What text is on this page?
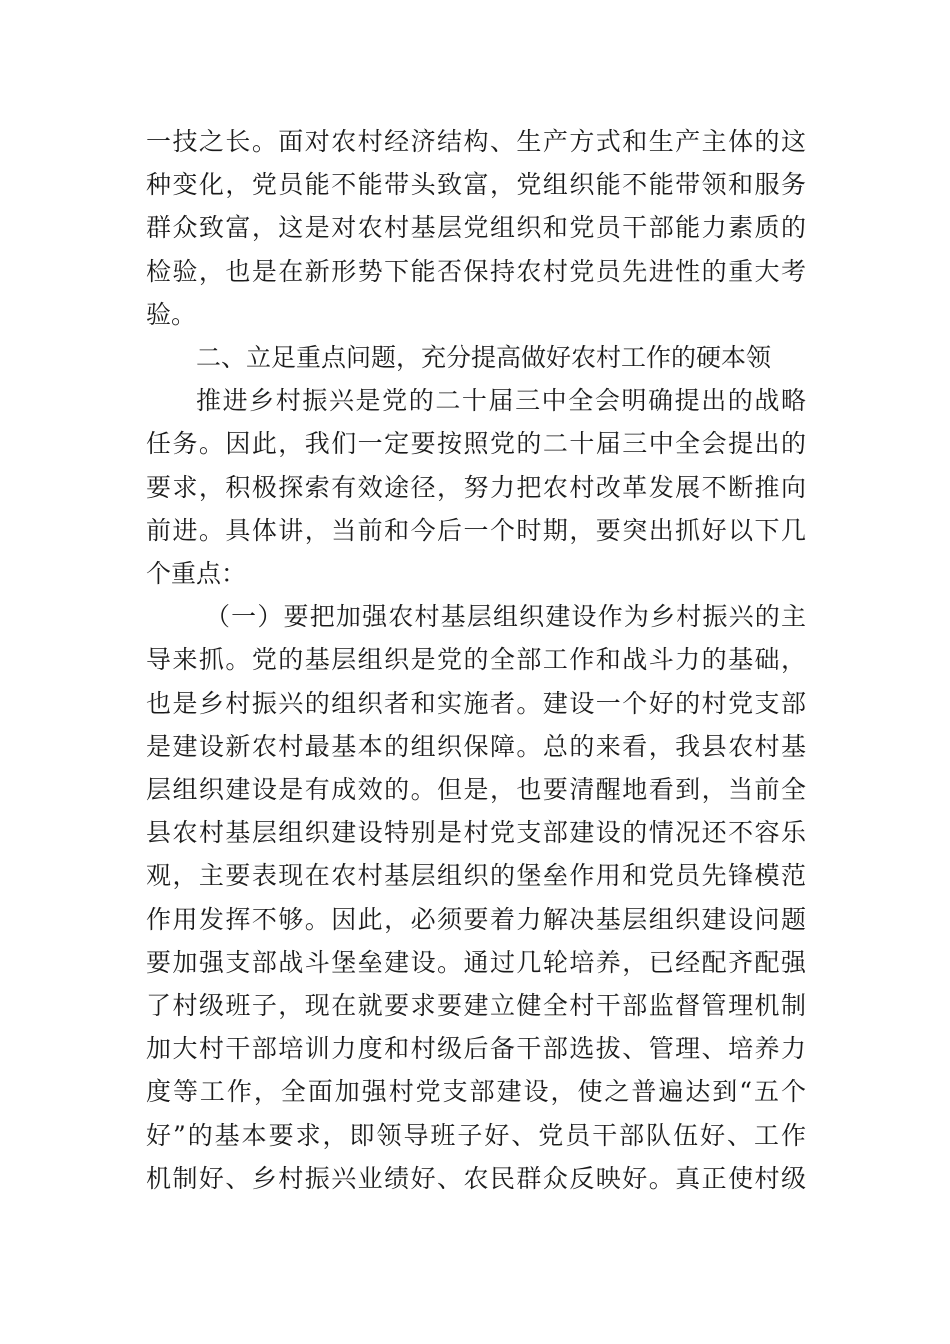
一技之长。面对农村经济结构、生产方式和生产主体的这
种变化，党员能不能带头致富，党组织能不能带领和服务
群众致富，这是对农村基层党组织和党员干部能力素质的
检验，也是在新形势下能否保持农村党员先进性的重大考
验。
二、立足重点问题，充分提高做好农村工作的硬本领
推进乡村振兴是党的二十届三中全会明确提出的战略
任务。因此，我们一定要按照党的二十届三中全会提出的
要求，积极探索有效途径，努力把农村改革发展不断推向
前进。具体讲，当前和今后一个时期，要突出抓好以下几
个重点：
（一）要把加强农村基层组织建设作为乡村振兴的主
导来抓。党的基层组织是党的全部工作和战斗力的基础，
也是乡村振兴的组织者和实施者。建设一个好的村党支部
是建设新农村最基本的组织保障。总的来看，我县农村基
层组织建设是有成效的。但是，也要清醒地看到，当前全
县农村基层组织建设特别是村党支部建设的情况还不容乐
观，主要表现在农村基层组织的堡垒作用和党员先锋模范
作用发挥不够。因此，必须要着力解决基层组织建设问题
要加强支部战斗堡垒建设。通过几轮培养，已经配齐配强
了村级班子，现在就要求要建立健全村干部监督管理机制
加大村干部培训力度和村级后备干部选拔、管理、培养力
度等工作，全面加强村党支部建设，使之普遍达到“五个
好”的基本要求，即领导班子好、党员干部队伍好、工作
机制好、乡村振兴业绩好、农民群众反映好。真正使村级
